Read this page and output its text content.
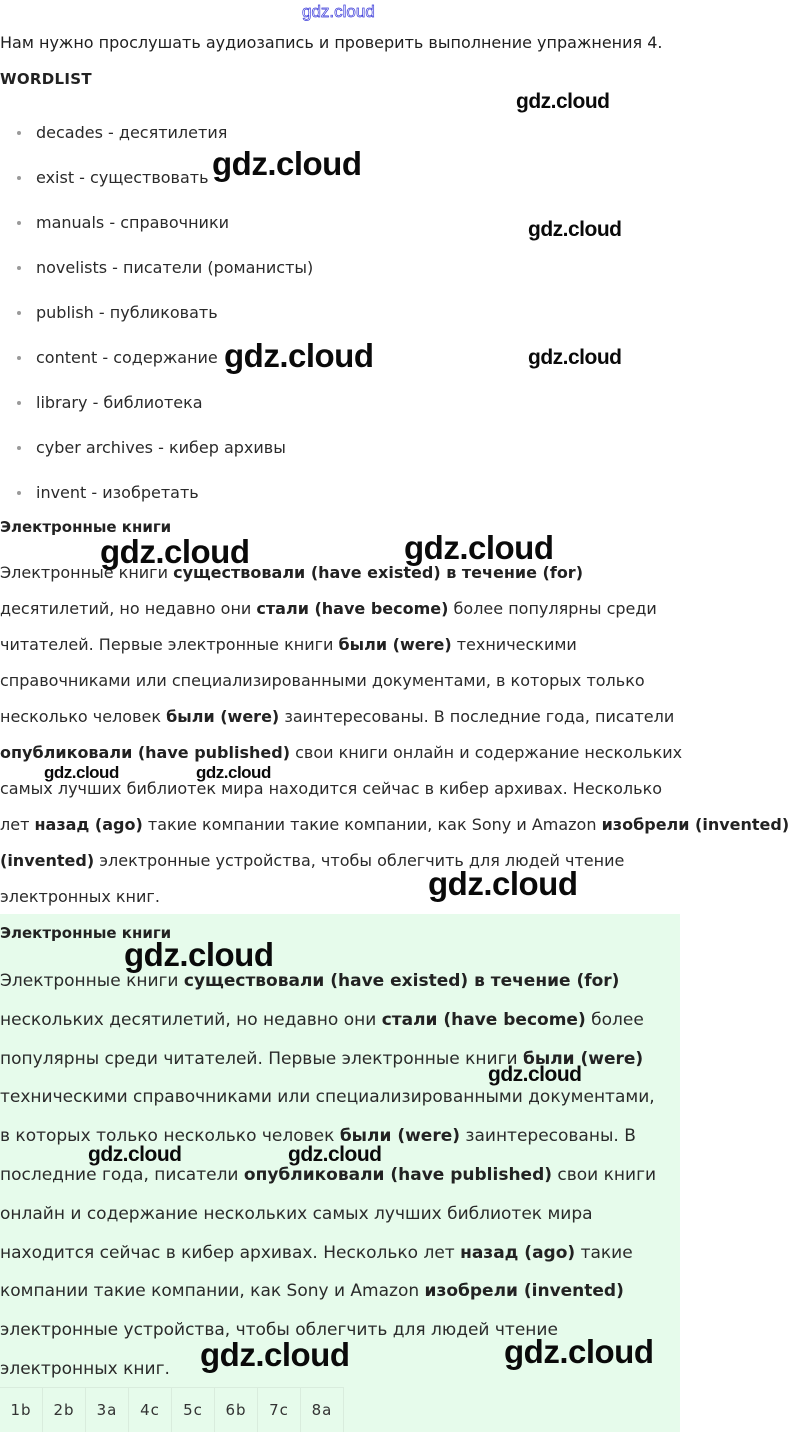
gdz.cloud
Нам нужно прослушать аудиозапись и проверить выполнение упражнения 4.
WORDLIST
decades - десятилетия
exist - существовать
manuals - справочники
novelists - писатели (романисты)
publish - публиковать
content - содержание
library - библиотека
cyber archives - кибер архивы
invent - изобретать
Электронные книги
Электронные книги существовали (have existed) в течение (for)
десятилетий, но недавно они стали (have become) более популярны среди
читателей. Первые электронные книги были (were) техническими
справочниками или специализированными документами, в которых только
несколько человек были (were) заинтересованы. В последние года, писатели
опубликовали (have published) свои книги онлайн и содержание нескольких
самых лучших библиотек мира находится сейчас в кибер архивах. Несколько
лет назад (ago) такие компании такие компании, как Sony и Amazon изобрели (invented)
(invented) электронные устройства, чтобы облегчить для людей чтение
электронных книг.
Электронные книги
Электронные книги существовали (have existed) в течение (for)
нескольких десятилетий, но недавно они стали (have become) более
популярны среди читателей. Первые электронные книги были (were)
техническими справочниками или специализированными документами,
в которых только несколько человек были (were) заинтересованы. В
последние года, писатели опубликовали (have published) свои книги
онлайн и содержание нескольких самых лучших библиотек мира
находится сейчас в кибер архивах. Несколько лет назад (ago) такие
компании такие компании, как Sony и Amazon изобрели (invented)
электронные устройства, чтобы облегчить для людей чтение
электронных книг.
1b	2b	3a	4c	5c	6b	7c	8a
gdz.cloud
gdz.cloud
gdz.cloud
gdz.cloud	gdz.cloud
gdz.cloud	gdz.cloud
gdz.cloud	gdz.cloud
gdz.cloud
gdz.cloud
gdz.cloud
gdz.cloud	gdz.cloud
gdz.cloud	gdz.cloud
